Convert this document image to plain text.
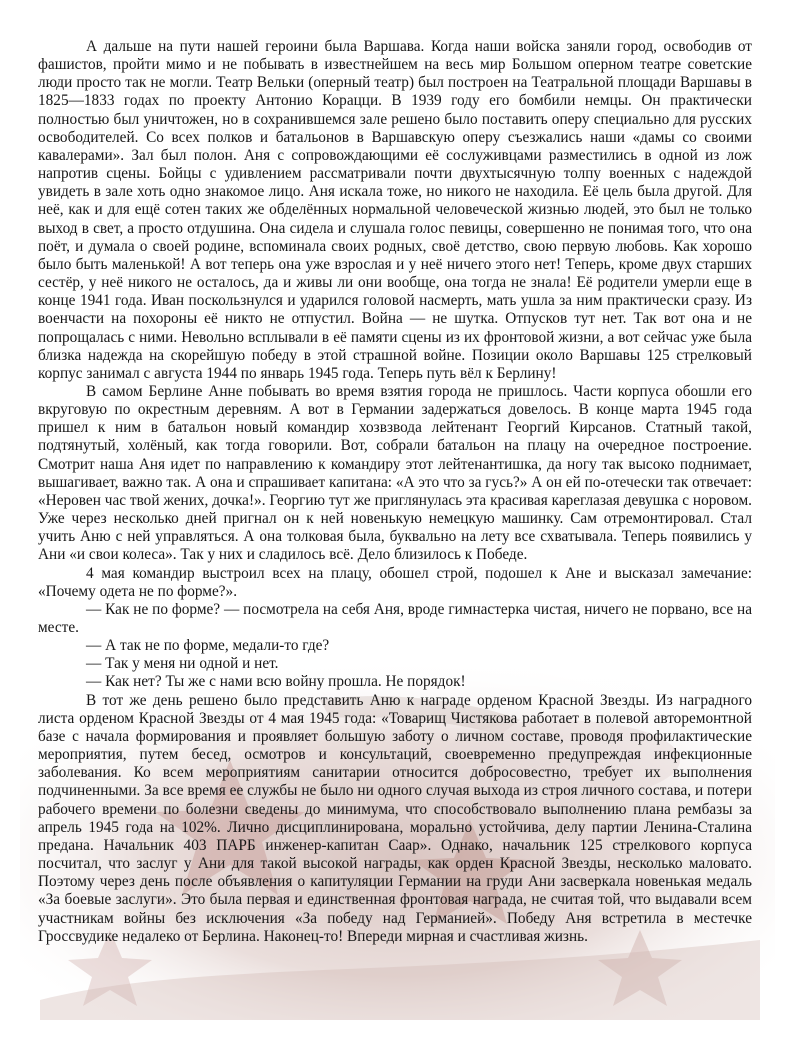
А дальше на пути нашей героини была Варшава. Когда наши войска заняли город, освободив от фашистов, пройти мимо и не побывать в известнейшем на весь мир Большом оперном театре советские люди просто так не могли. Театр Вельки (оперный театр) был построен на Театральной площади Варшавы в 1825—1833 годах по проекту Антонио Корацци. В 1939 году его бомбили немцы. Он практически полностью был уничтожен, но в сохранившемся зале решено было поставить оперу специально для русских освободителей. Со всех полков и батальонов в Варшавскую оперу съезжались наши «дамы со своими кавалерами». Зал был полон. Аня с сопровождающими её сослуживцами разместились в одной из лож напротив сцены. Бойцы с удивлением рассматривали почти двухтысячную толпу военных с надеждой увидеть в зале хоть одно знакомое лицо. Аня искала тоже, но никого не находила. Её цель была другой. Для неё, как и для ещё сотен таких же обделённых нормальной человеческой жизнью людей, это был не только выход в свет, а просто отдушина. Она сидела и слушала голос певицы, совершенно не понимая того, что она поёт, и думала о своей родине, вспоминала своих родных, своё детство, свою первую любовь. Как хорошо было быть маленькой! А вот теперь она уже взрослая и у неё ничего этого нет! Теперь, кроме двух старших сестёр, у неё никого не осталось, да и живы ли они вообще, она тогда не знала! Её родители умерли еще в конце 1941 года. Иван поскользнулся и ударился головой насмерть, мать ушла за ним практически сразу. Из военчасти на похороны её никто не отпустил. Война — не шутка. Отпусков тут нет. Так вот она и не попрощалась с ними. Невольно всплывали в её памяти сцены из их фронтовой жизни, а вот сейчас уже была близка надежда на скорейшую победу в этой страшной войне. Позиции около Варшавы 125 стрелковый корпус занимал с августа 1944 по январь 1945 года. Теперь путь вёл к Берлину!

В самом Берлине Анне побывать во время взятия города не пришлось. Части корпуса обошли его вкруговую по окрестным деревням. А вот в Германии задержаться довелось. В конце марта 1945 года пришел к ним в батальон новый командир хозвзвода лейтенант Георгий Кирсанов. Статный такой, подтянутый, холёный, как тогда говорили. Вот, собрали батальон на плацу на очередное построение. Смотрит наша Аня идет по направлению к командиру этот лейтенантишка, да ногу так высоко поднимает, вышагивает, важно так. А она и спрашивает капитана: «А это что за гусь?» А он ей по-отечески так отвечает: «Неровен час твой жених, дочка!». Георгию тут же приглянулась эта красивая кареглазая девушка с норовом. Уже через несколько дней пригнал он к ней новенькую немецкую машинку. Сам отремонтировал. Стал учить Аню с ней управляться. А она толковая была, буквально на лету все схватывала. Теперь появились у Ани «и свои колеса». Так у них и сладилось всё. Дело близилось к Победе.

4 мая командир выстроил всех на плацу, обошел строй, подошел к Ане и высказал замечание: «Почему одета не по форме?».

— Как не по форме? — посмотрела на себя Аня, вроде гимнастерка чистая, ничего не порвано, все на месте.

— А так не по форме, медали-то где?

— Так у меня ни одной и нет.

— Как нет? Ты же с нами всю войну прошла. Не порядок!

В тот же день решено было представить Аню к награде орденом Красной Звезды. Из наградного листа орденом Красной Звезды от 4 мая 1945 года: «Товарищ Чистякова работает в полевой авторемонтной базе с начала формирования и проявляет большую заботу о личном составе, проводя профилактические мероприятия, путем бесед, осмотров и консультаций, своевременно предупреждая инфекционные заболевания. Ко всем мероприятиям санитарии относится добросовестно, требует их выполнения подчиненными. За все время ее службы не было ни одного случая выхода из строя личного состава, и потери рабочего времени по болезни сведены до минимума, что способствовало выполнению плана рембазы за апрель 1945 года на 102%. Лично дисциплинирована, морально устойчива, делу партии Ленина-Сталина предана. Начальник 403 ПАРБ инженер-капитан Саар». Однако, начальник 125 стрелкового корпуса посчитал, что заслуг у Ани для такой высокой награды, как орден Красной Звезды, несколько маловато. Поэтому через день после объявления о капитуляции Германии на груди Ани засверкала новенькая медаль «За боевые заслуги». Это была первая и единственная фронтовая награда, не считая той, что выдавали всем участникам войны без исключения «За победу над Германией». Победу Аня встретила в местечке Гроссвудике недалеко от Берлина. Наконец-то! Впереди мирная и счастливая жизнь.
